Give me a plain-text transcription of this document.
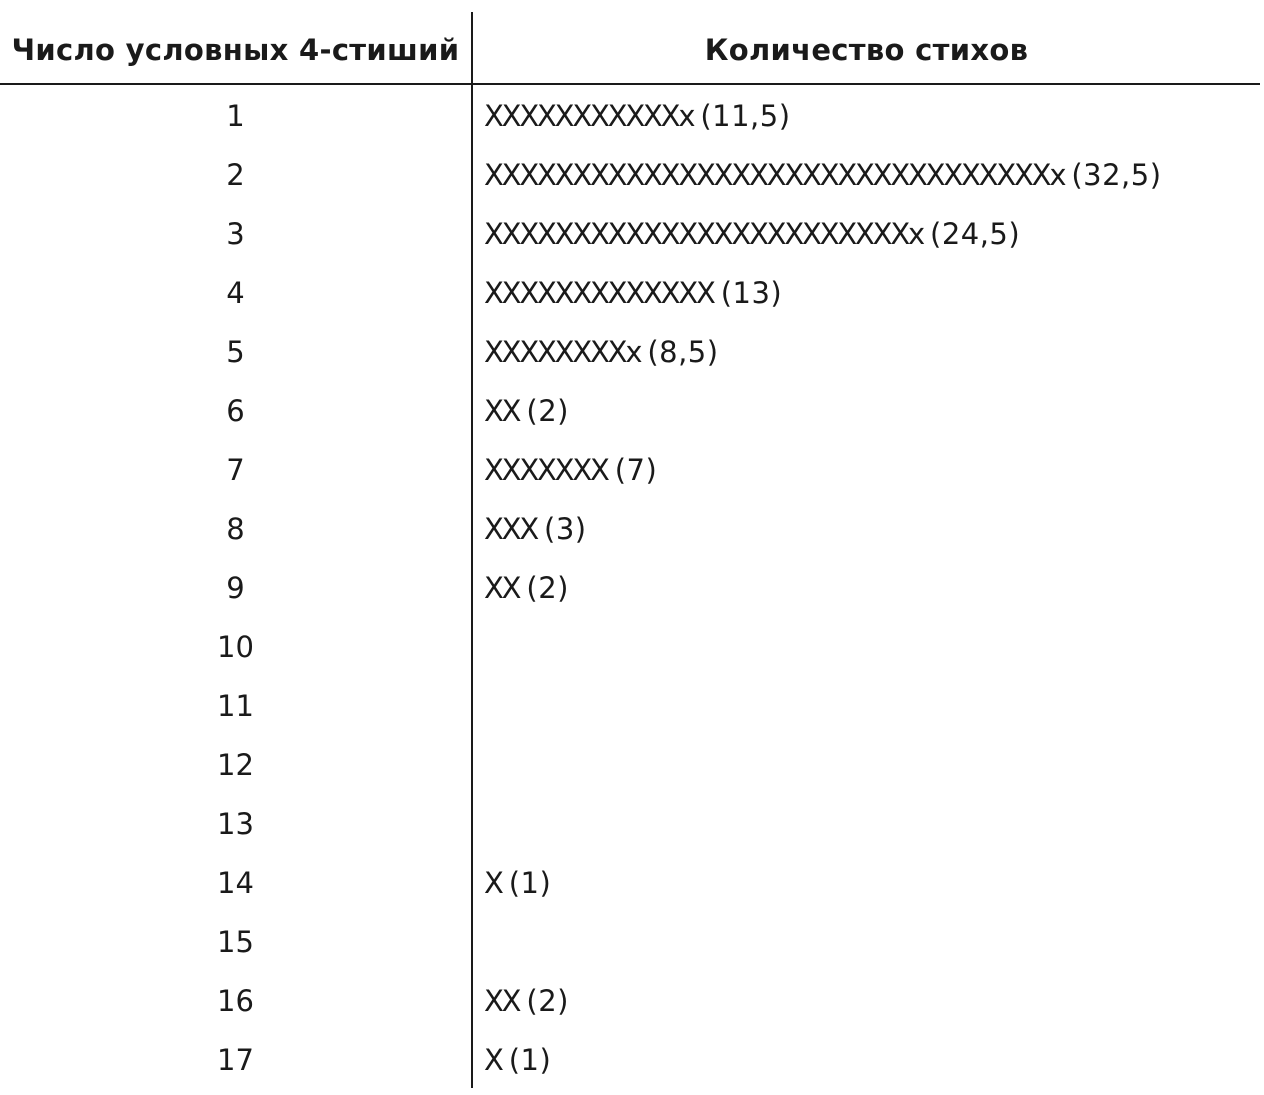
Число условных 4-стиший	Количество стихов
1	XXXXXXXXXXXx (11,5)
2	XXXXXXXXXXXXXXXXXXXXXXXXXXXXXXXXx (32,5)
3	XXXXXXXXXXXXXXXXXXXXXXXXx (24,5)
4	XXXXXXXXXXXXX (13)
5	XXXXXXXXx (8,5)
6	XX (2)
7	XXXXXXX (7)
8	XXX (3)
9	XX (2)
10
11
12
13
14	X (1)
15
16	XX (2)
17	X (1)
